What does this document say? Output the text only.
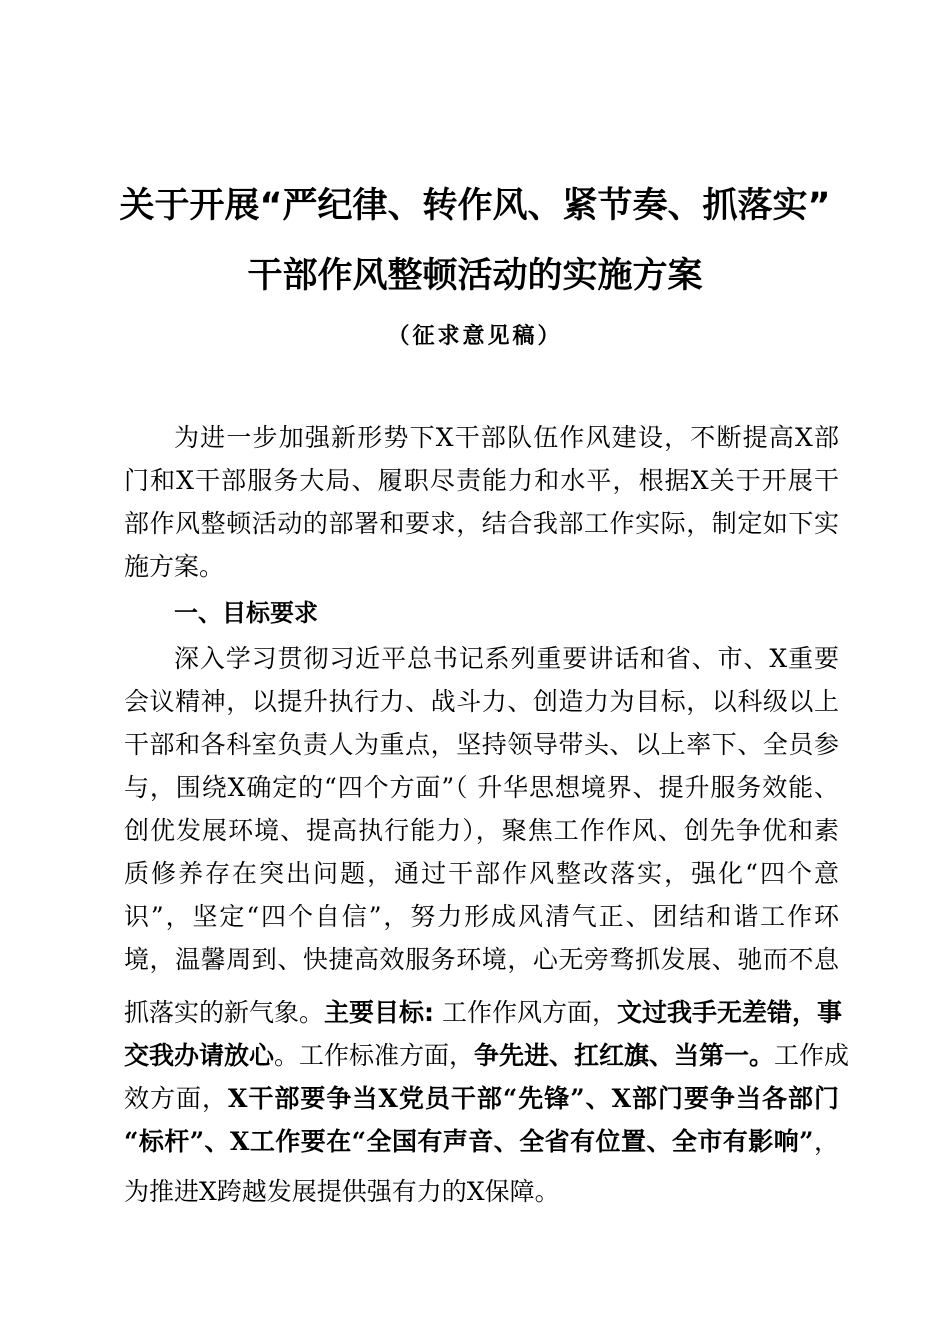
关于开展“严纪律、转作风、紧节奏、抓落实”
干部作风整顿活动的实施方案
（征求意见稿）
为进一步加强新形势下X干部队伍作风建设，不断提高X部
门和X干部服务大局、履职尽责能力和水平，根据X关于开展干
部作风整顿活动的部署和要求，结合我部工作实际，制定如下实
施方案。
一、目标要求
深入学习贯彻习近平总书记系列重要讲话和省、市、X重要
会议精神，以提升执行力、战斗力、创造力为目标，以科级以上
干部和各科室负责人为重点，坚持领导带头、以上率下、全员参
与，围绕X确定的“四个方面”（ 升华思想境界、提升服务效能、
创优发展环境、提高执行能力），聚焦工作作风、创先争优和素
质修养存在突出问题，通过干部作风整改落实，强化“四个意
识”，坚定“四个自信”，努力形成风清气正、团结和谐工作环
境，温馨周到、快捷高效服务环境，心无旁骛抓发展、驰而不息
抓落实的新气象。主要目标: 工作作风方面，文过我手无差错，事
交我办请放心。工作标准方面，争先进、扛红旗、当第一。工作成
效方面，X干部要争当X党员干部“先锋”、X部门要争当各部门
“标杆”、X工作要在“全国有声音、全省有位置、全市有影响”，
为推进X跨越发展提供强有力的X保障。
